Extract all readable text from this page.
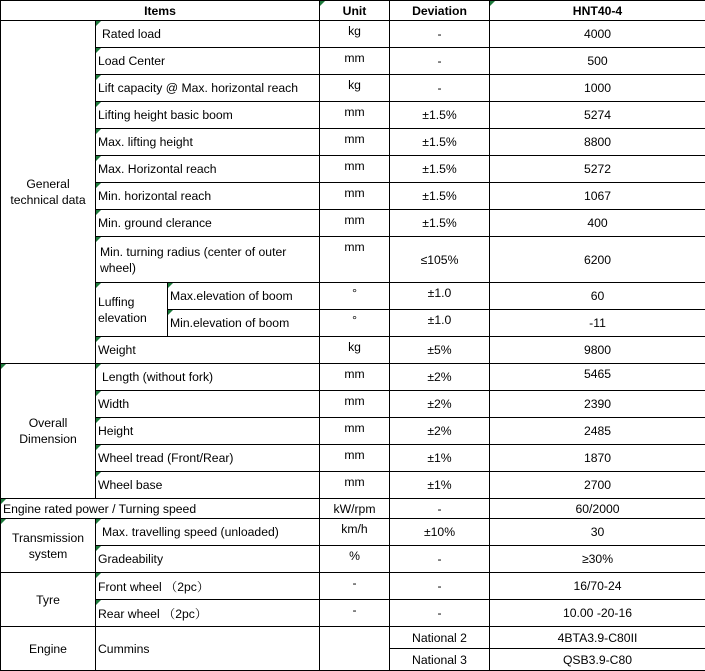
Items			Unit	Deviation	HNT40-4
General technical data	Rated load		kg	-	4000
	Load Center		mm	-	500
	Lift capacity @ Max. horizontal reach		kg	-	1000
	Lifting height basic boom		mm	±1.5%	5274
	Max. lifting height		mm	±1.5%	8800
	Max. Horizontal reach		mm	±1.5%	5272
	Min. horizontal reach		mm	±1.5%	1067
	Min. ground clerance		mm	±1.5%	400
	Min. turning radius (center of outer wheel)		mm	≤105%	6200
	Luffing elevation	Max.elevation of boom	°	±1.0	60
		Min.elevation of boom	°	±1.0	-11
	Weight		kg	±5%	9800
Overall Dimension	Length (without fork)		mm	±2%	5465
	Width		mm	±2%	2390
	Height		mm	±2%	2485
	Wheel tread (Front/Rear)		mm	±1%	1870
	Wheel base		mm	±1%	2700
Engine rated power / Turning speed			kW/rpm	-	60/2000
Transmission system	Max. travelling speed (unloaded)		km/h	±10%	30
	Gradeability		%	-	≥30%
Tyre	Front wheel （2pc）		-	-	16/70-24
	Rear wheel （2pc）		-	-	10.00 -20-16
Engine	Cummins			National 2	4BTA3.9-C80II
				National 3	QSB3.9-C80
